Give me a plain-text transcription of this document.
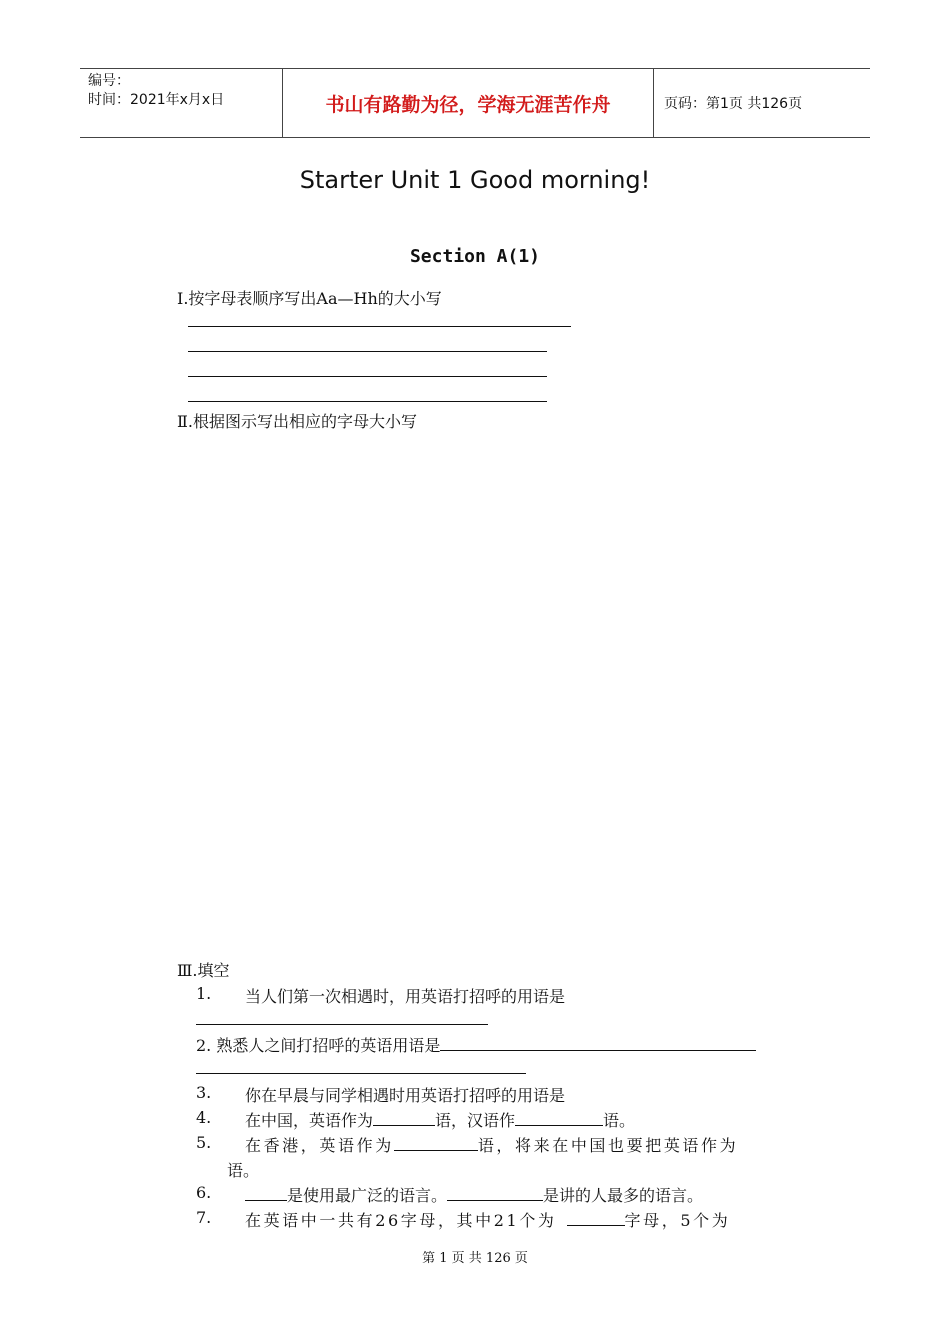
编号：
时间：2021年x月x日	书山有路勤为径，学海无涯苦作舟	页码：第1页 共126页
Starter Unit 1 Good morning!
Section A(1)
Ⅰ.按字母表顺序写出Aa—Hh的大小写
Ⅱ.根据图示写出相应的字母大小写
Ⅲ.填空
1. 当人们第一次相遇时，用英语打招呼的用语是
2. 熟悉人之间打招呼的英语用语是
3. 你在早晨与同学相遇时用英语打招呼的用语是
4. 在中国，英语作为	语，汉语作	语。
5. 在香港，英语作为	语，将来在中国也要把英语作为
语。
6.	是使用最广泛的语言。	是讲的人最多的语言。
7. 在英语中一共有26字母，其中21个为	字母，5个为
第 1 页 共 126 页
